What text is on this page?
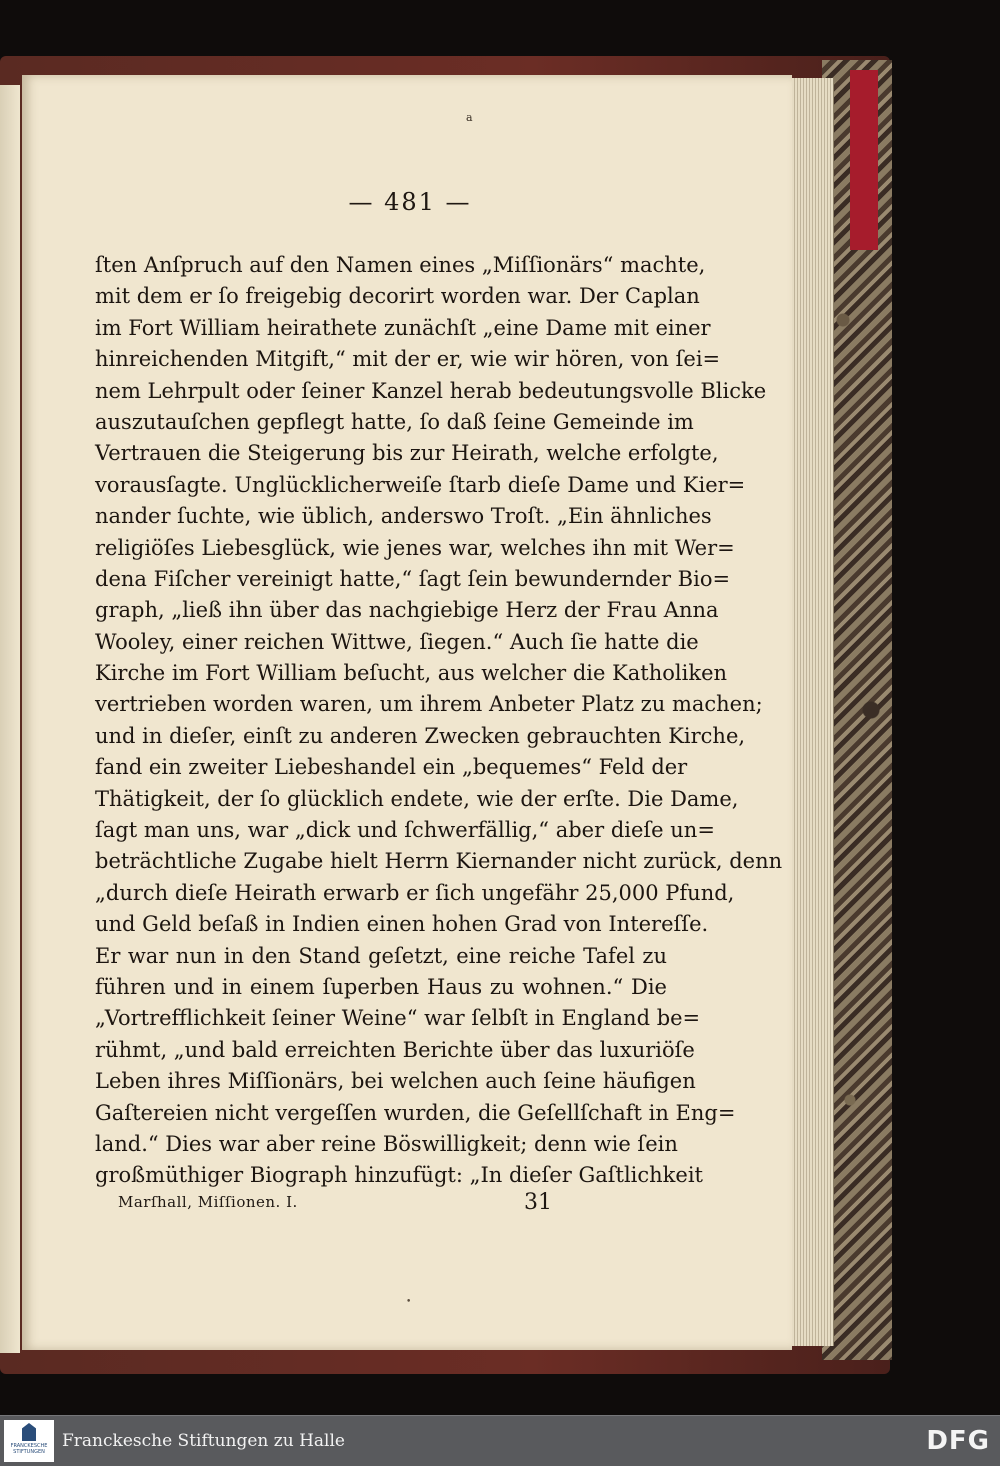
a
— 481 —
ſten Anſpruch auf den Namen eines „Miſſionärs“ machte,
mit dem er ſo freigebig decorirt worden war. Der Caplan
im Fort William heirathete zunächſt „eine Dame mit einer
hinreichenden Mitgift,“ mit der er, wie wir hören, von ſei=
nem Lehrpult oder ſeiner Kanzel herab bedeutungsvolle Blicke
auszutauſchen gepflegt hatte, ſo daß ſeine Gemeinde im
Vertrauen die Steigerung bis zur Heirath, welche erfolgte,
vorausſagte. Unglücklicherweiſe ſtarb dieſe Dame und Kier=
nander ſuchte, wie üblich, anderswo Troſt. „Ein ähnliches
religiöſes Liebesglück, wie jenes war, welches ihn mit Wer=
dena Fiſcher vereinigt hatte,“ ſagt ſein bewundernder Bio=
graph, „ließ ihn über das nachgiebige Herz der Frau Anna
Wooley, einer reichen Wittwe, ſiegen.“ Auch ſie hatte die
Kirche im Fort William beſucht, aus welcher die Katholiken
vertrieben worden waren, um ihrem Anbeter Platz zu machen;
und in dieſer, einſt zu anderen Zwecken gebrauchten Kirche,
fand ein zweiter Liebeshandel ein „bequemes“ Feld der
Thätigkeit, der ſo glücklich endete, wie der erſte. Die Dame,
ſagt man uns, war „dick und ſchwerfällig,“ aber dieſe un=
beträchtliche Zugabe hielt Herrn Kiernander nicht zurück, denn
„durch dieſe Heirath erwarb er ſich ungefähr 25,000 Pfund,
und Geld beſaß in Indien einen hohen Grad von Intereſſe.
Er war nun in den Stand geſetzt, eine reiche Tafel zu
führen und in einem ſuperben Haus zu wohnen.“ Die
„Vortrefflichkeit ſeiner Weine“ war ſelbſt in England be=
rühmt, „und bald erreichten Berichte über das luxuriöſe
Leben ihres Miſſionärs, bei welchen auch ſeine häufigen
Gaſtereien nicht vergeſſen wurden, die Geſellſchaft in Eng=
land.“ Dies war aber reine Böswilligkeit; denn wie ſein
großmüthiger Biograph hinzufügt: „In dieſer Gaſtlichkeit
Marſhall, Miſſionen. I.	31
•
FRANCKESCHE STIFTUNGEN
Franckesche Stiftungen zu Halle	DFG
